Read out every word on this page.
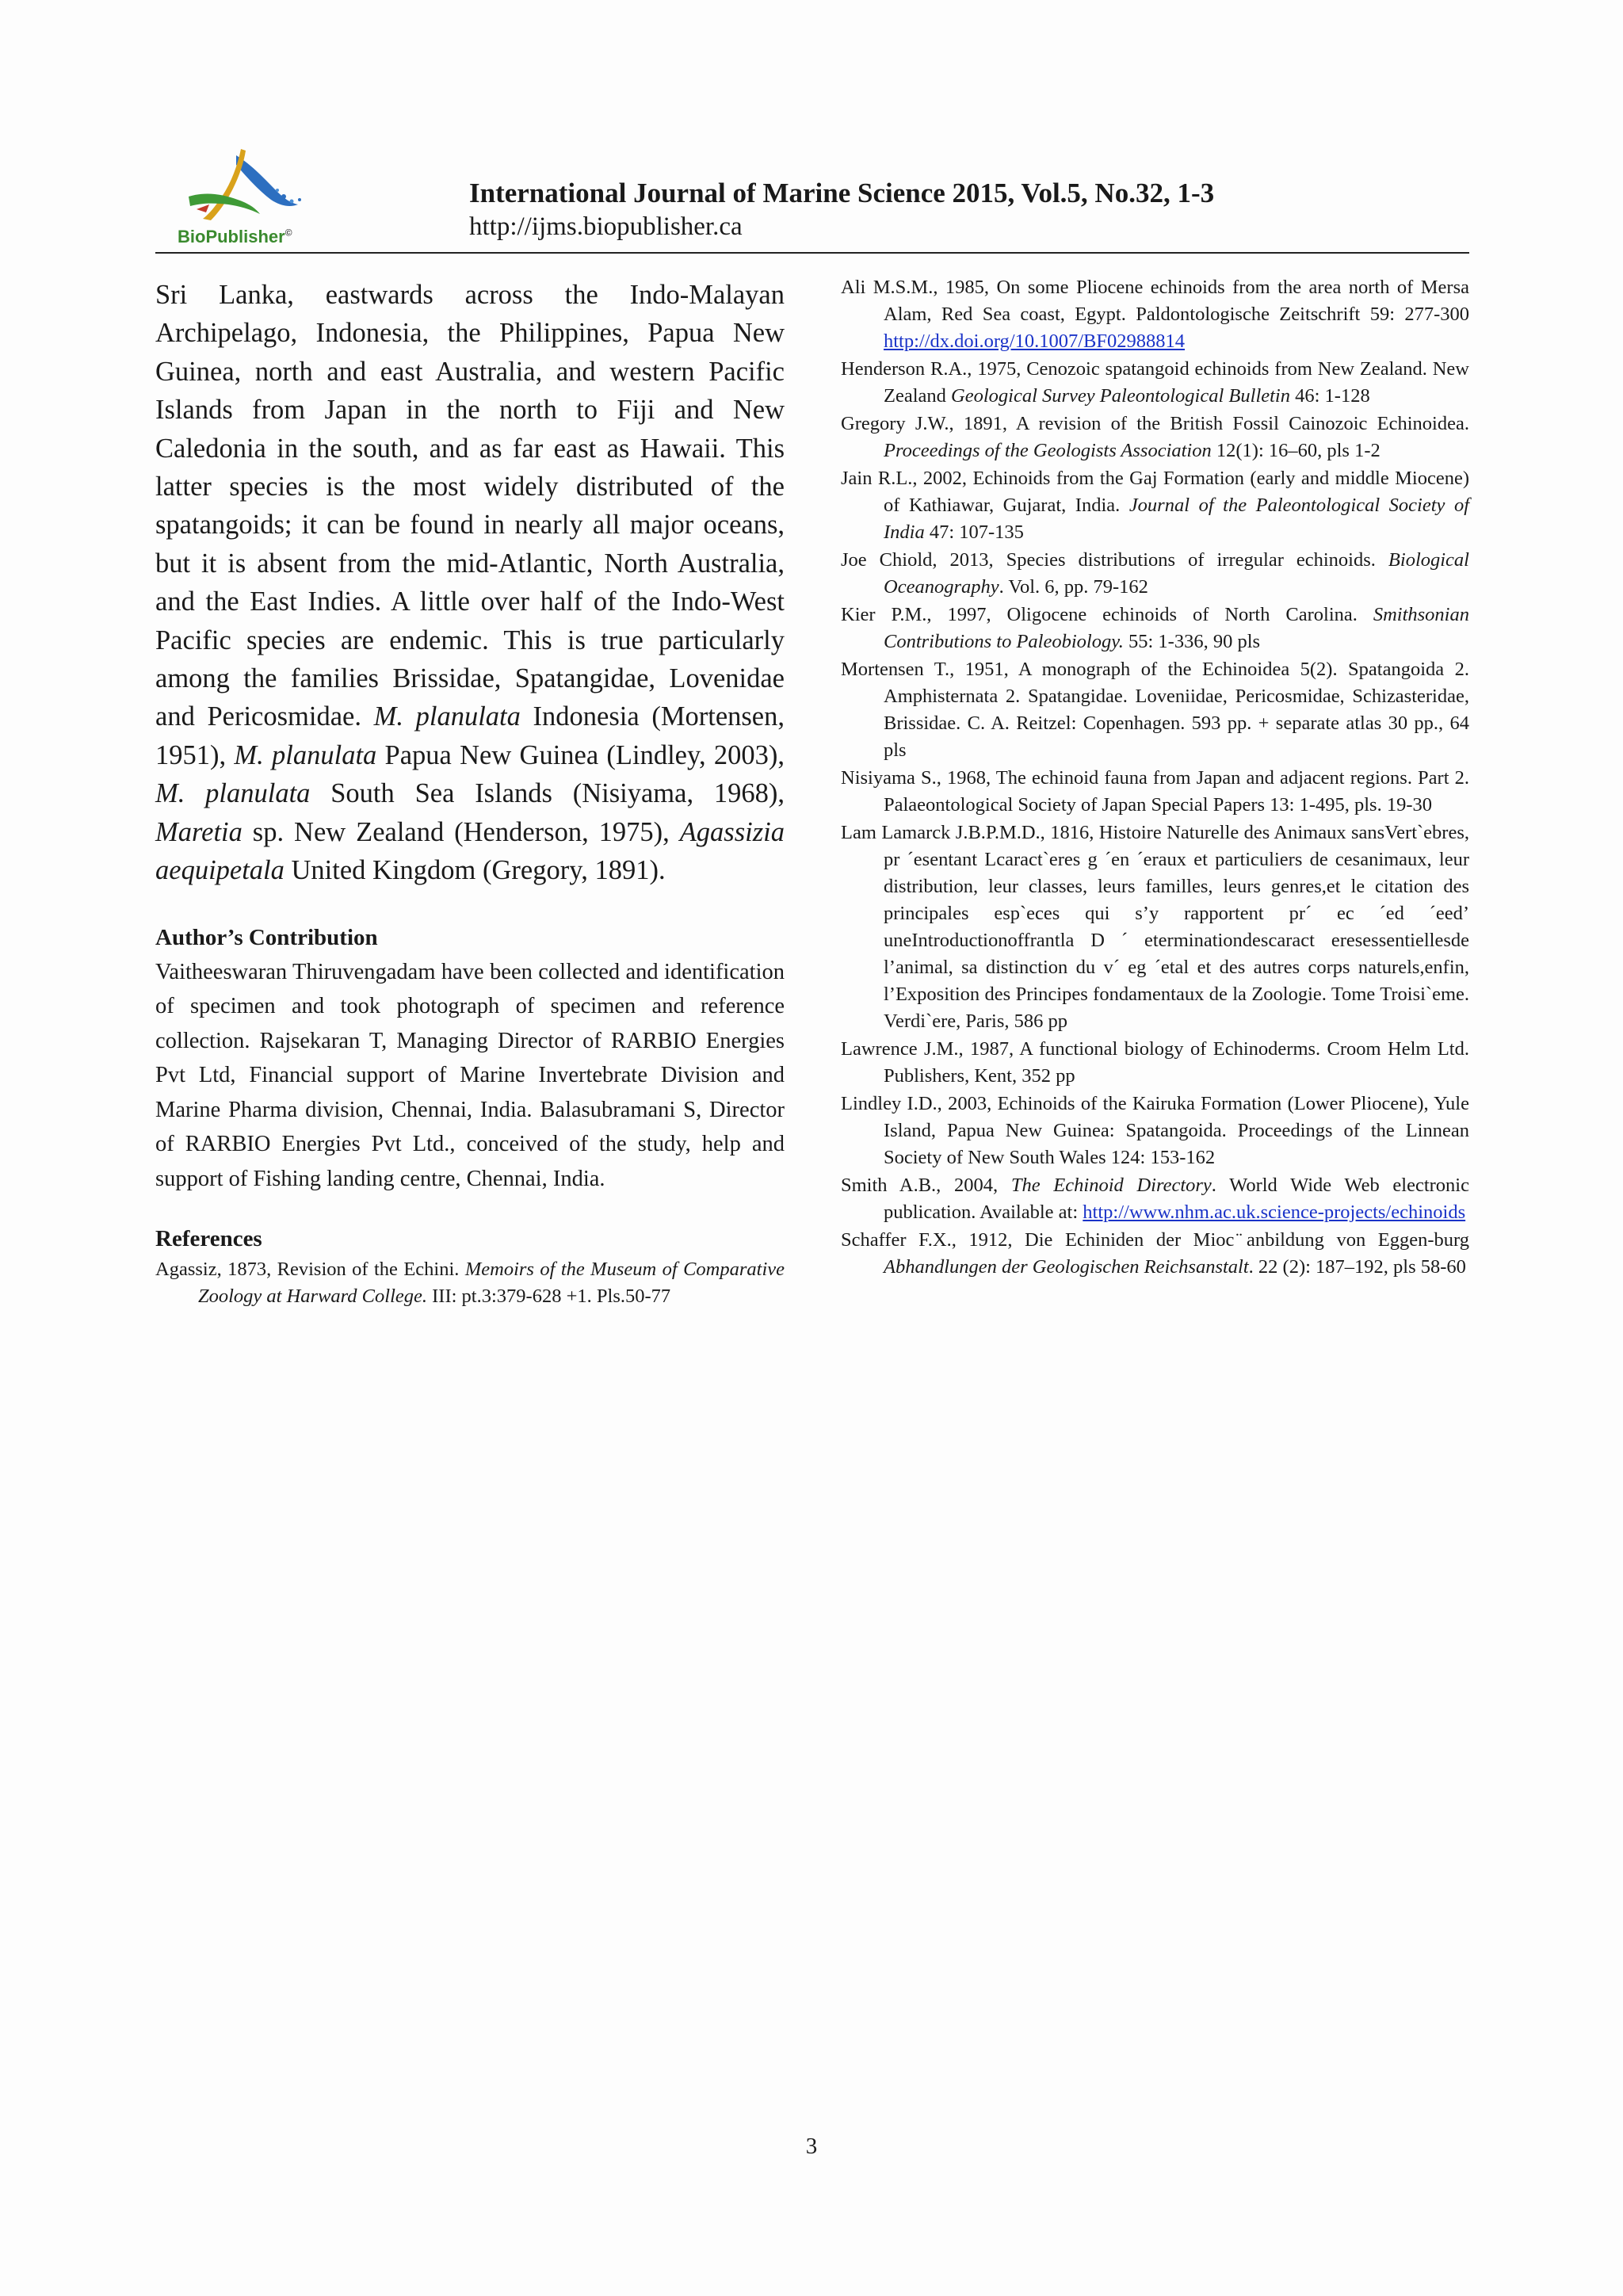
BioPublisher©
International Journal of Marine Science 2015, Vol.5, No.32, 1-3
http://ijms.biopublisher.ca

Sri Lanka, eastwards across the Indo-Malayan Archipelago, Indonesia, the Philippines, Papua New Guinea, north and east Australia, and western Pacific Islands from Japan in the north to Fiji and New Caledonia in the south, and as far east as Hawaii. This latter species is the most widely distributed of the spatangoids; it can be found in nearly all major oceans, but it is absent from the mid-Atlantic, North Australia, and the East Indies. A little over half of the Indo-West Pacific species are endemic. This is true particularly among the families Brissidae, Spatangidae, Lovenidae and Pericosmidae. M. planulata Indonesia (Mortensen, 1951), M. planulata Papua New Guinea (Lindley, 2003), M. planulata South Sea Islands (Nisiyama, 1968), Maretia sp. New Zealand (Henderson, 1975), Agassizia aequipetala United Kingdom (Gregory, 1891).

Author’s Contribution

Vaitheeswaran Thiruvengadam have been collected and identification of specimen and took photograph of specimen and reference collection. Rajsekaran T, Managing Director of RARBIO Energies Pvt Ltd, Financial support of Marine Invertebrate Division and Marine Pharma division, Chennai, India. Balasubramani S, Director of RARBIO Energies Pvt Ltd., conceived of the study, help and support of Fishing landing centre, Chennai, India.

References

Agassiz, 1873, Revision of the Echini. Memoirs of the Museum of Comparative Zoology at Harward College. III: pt.3:379-628 +1. Pls.50-77

Ali M.S.M., 1985, On some Pliocene echinoids from the area north of Mersa Alam, Red Sea coast, Egypt. Paldontologische Zeitschrift 59: 277-300 http://dx.doi.org/10.1007/BF02988814

Henderson R.A., 1975, Cenozoic spatangoid echinoids from New Zealand. New Zealand Geological Survey Paleontological Bulletin 46: 1-128

Gregory J.W., 1891, A revision of the British Fossil Cainozoic Echinoidea. Proceedings of the Geologists Association 12(1): 16–60, pls 1-2

Jain R.L., 2002, Echinoids from the Gaj Formation (early and middle Miocene) of Kathiawar, Gujarat, India. Journal of the Paleontological Society of India 47: 107-135

Joe Chiold, 2013, Species distributions of irregular echinoids. Biological Oceanography. Vol. 6, pp. 79-162

Kier P.M., 1997, Oligocene echinoids of North Carolina. Smithsonian Contributions to Paleobiology. 55: 1-336, 90 pls

Mortensen T., 1951, A monograph of the Echinoidea 5(2). Spatangoida 2. Amphisternata 2. Spatangidae. Loveniidae, Pericosmidae, Schizasteridae, Brissidae. C. A. Reitzel: Copenhagen. 593 pp. + separate atlas 30 pp., 64 pls

Nisiyama S., 1968, The echinoid fauna from Japan and adjacent regions. Part 2. Palaeontological Society of Japan Special Papers 13: 1-495, pls. 19-30

Lam Lamarck J.B.P.M.D., 1816, Histoire Naturelle des Animaux sansVert`ebres, pr ´esentant Lcaract`eres g ´en ´eraux et particuliers de cesanimaux, leur distribution, leur classes, leurs familles, leurs genres,et le citation des principales esp`eces qui s’y rapportent pr´ ec ´ed ´eed’ uneIntroductionoffrantla D ´ eterminationdescaract eresessentiellesde l’animal, sa distinction du v´ eg ´etal et des autres corps naturels,enfin, l’Exposition des Principes fondamentaux de la Zoologie. Tome Troisi`eme. Verdi`ere, Paris, 586 pp

Lawrence J.M., 1987, A functional biology of Echinoderms. Croom Helm Ltd. Publishers, Kent, 352 pp

Lindley I.D., 2003, Echinoids of the Kairuka Formation (Lower Pliocene), Yule Island, Papua New Guinea: Spatangoida. Proceedings of the Linnean Society of New South Wales 124: 153-162

Smith A.B., 2004, The Echinoid Directory. World Wide Web electronic publication. Available at: http://www.nhm.ac.uk.science-projects/echinoids

Schaffer F.X., 1912, Die Echiniden der Mioc ̈anbildung von Eggen-burg Abhandlungen der Geologischen Reichsanstalt. 22 (2): 187–192, pls 58-60

3
